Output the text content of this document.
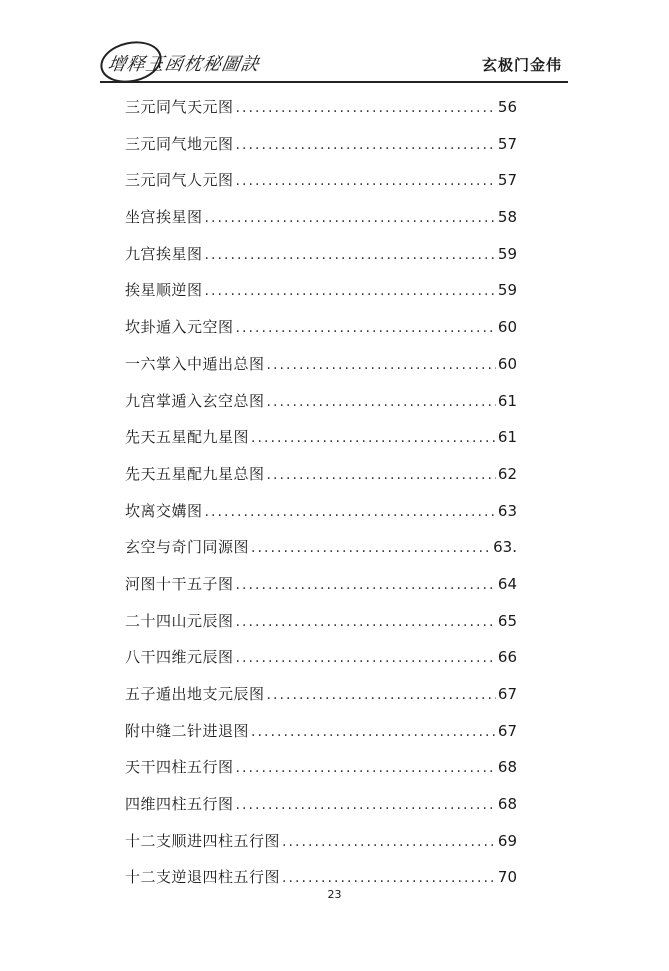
增释玉函枕秘圖訣	玄极门金伟
三元同气天元图 . . .	56
三元同气地元图 . . .	57
三元同气人元图 . . .	57
坐宫挨星图 . . .	58
九宫挨星图 . . .	59
挨星顺逆图 . . .	59
坎卦遁入元空图 . . .	60
一六掌入中遁出总图 . . .	60
九宫掌遁入玄空总图 . . .	61
先天五星配九星图 . . .	61
先天五星配九星总图 . . .	62
坎离交媾图 . . .	63
玄空与奇门同源图 . . .	63.
河图十干五子图 . . .	64
二十四山元辰图 . . .	65
八干四维元辰图 . . .	66
五子遁出地支元辰图 . . .	67
附中缝二针进退图 . . .	67
天干四柱五行图 . . .	68
四维四柱五行图 . . .	68
十二支顺进四柱五行图 . . .	69
十二支逆退四柱五行图 . . .	70
23
